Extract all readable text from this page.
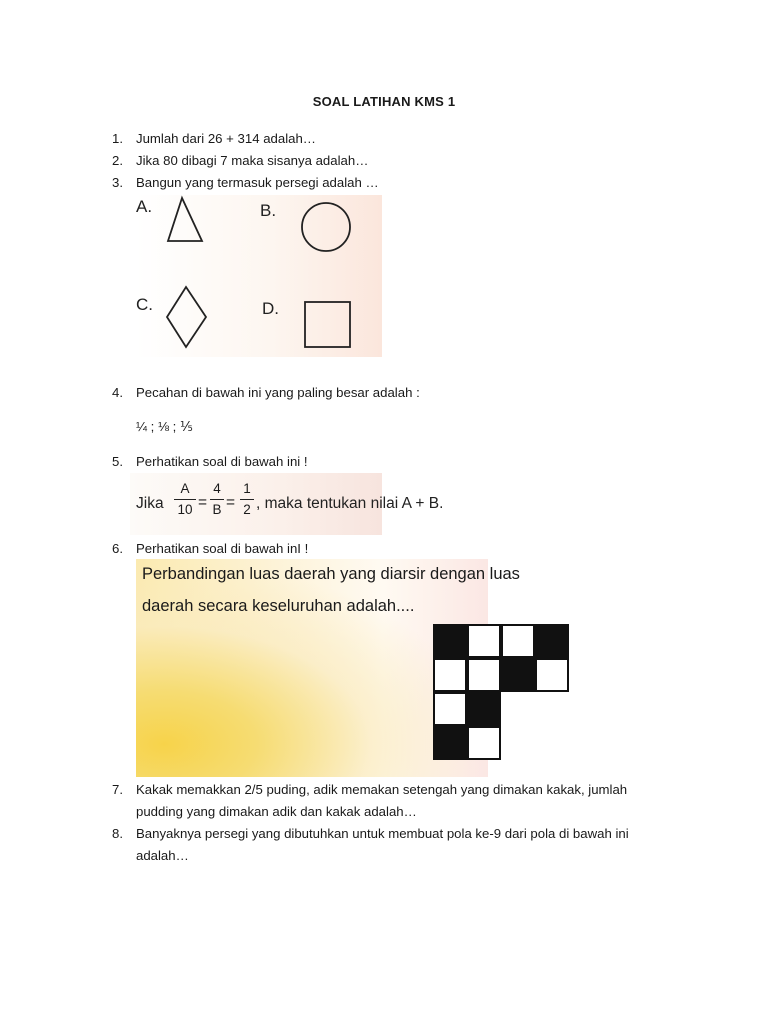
SOAL LATIHAN KMS 1
1. Jumlah dari 26 + 314 adalah…
2. Jika 80 dibagi 7 maka sisanya adalah…
3. Bangun yang termasuk persegi adalah …
A.	B.
C.	D.
4. Pecahan di bawah ini yang paling besar adalah :
¼ ; ⅛ ; ⅕
5. Perhatikan soal di bawah ini !
Jika
A
10 =
4
B =
1
2 , maka tentukan nilai A + B.
6. Perhatikan soal di bawah inI !
Perbandingan luas daerah yang diarsir dengan luas
daerah secara keseluruhan adalah....
7. Kakak memakkan 2/5 puding, adik memakan setengah yang dimakan kakak, jumlah
pudding yang dimakan adik dan kakak adalah…
8. Banyaknya persegi yang dibutuhkan untuk membuat pola ke-9 dari pola di bawah ini
adalah…
